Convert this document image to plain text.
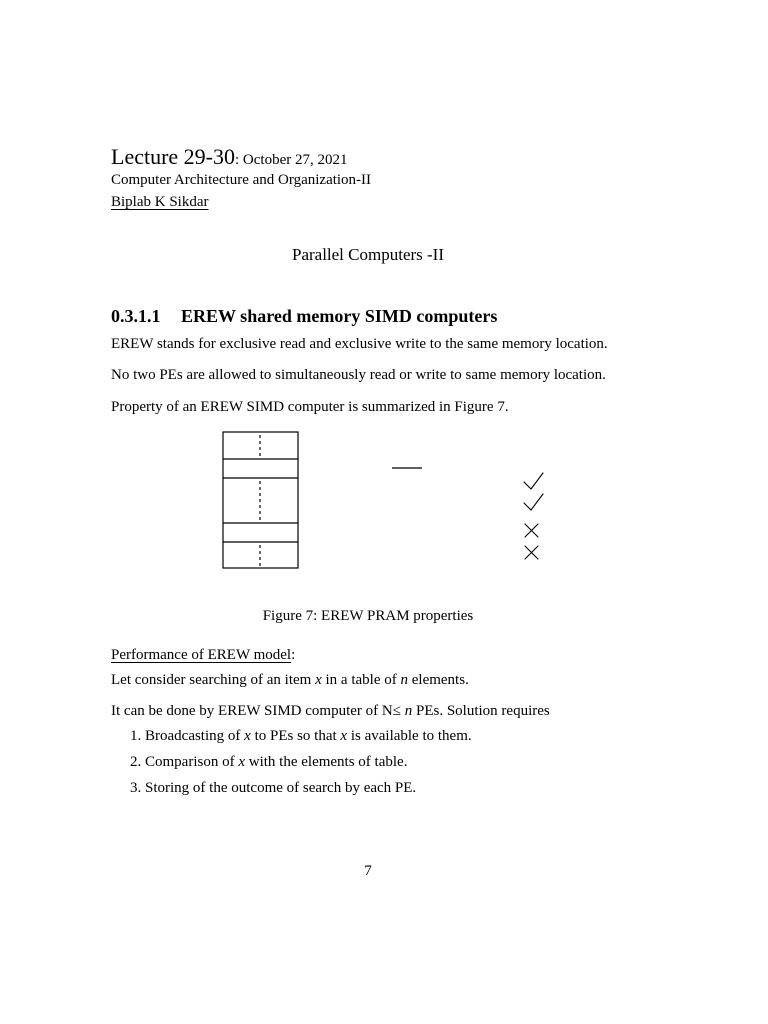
Lecture 29-30: October 27, 2021
Computer Architecture and Organization-II
Biplab K Sikdar
Parallel Computers -II
0.3.1.1 EREW shared memory SIMD computers
EREW stands for exclusive read and exclusive write to the same memory location.
No two PEs are allowed to simultaneously read or write to same memory location.
Property of an EREW SIMD computer is summarized in Figure 7.
Figure 7: EREW PRAM properties
Performance of EREW model:
Let consider searching of an item x in a table of n elements.
It can be done by EREW SIMD computer of N≤ n PEs. Solution requires
1. Broadcasting of x to PEs so that x is available to them.
2. Comparison of x with the elements of table.
3. Storing of the outcome of search by each PE.
7
